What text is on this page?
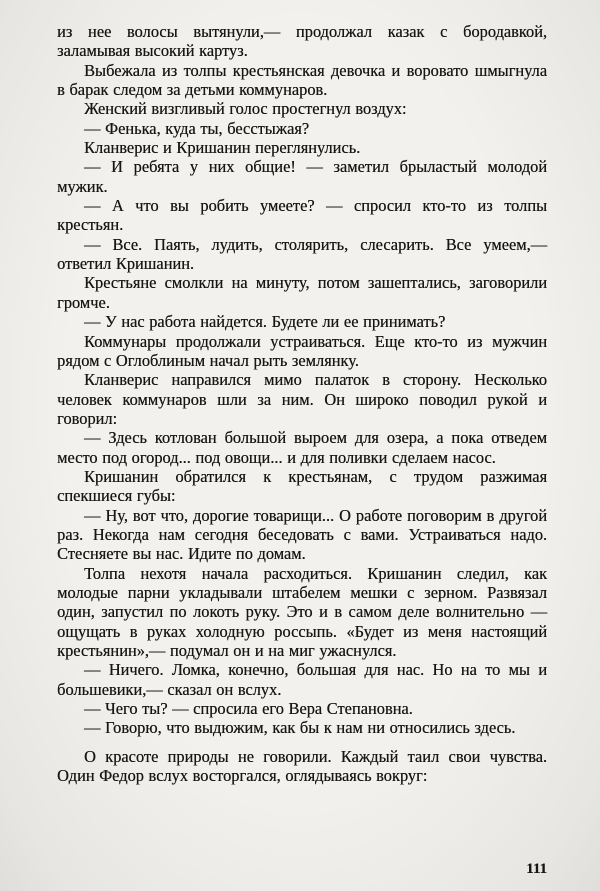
из нее волосы вытянули,— продолжал казак с бородавкой, заламывая высокий картуз.

Выбежала из толпы крестьянская девочка и воровато шмыгнула в барак следом за детьми коммунаров.

Женский визгливый голос простегнул воздух:

— Фенька, куда ты, бесстыжая?

Кланверис и Кришанин переглянулись.

— И ребята у них общие! — заметил брыластый молодой мужик.

— А что вы робить умеете? — спросил кто-то из толпы крестьян.

— Все. Паять, лудить, столярить, слесарить. Все умеем,— ответил Кришанин.

Крестьяне смолкли на минуту, потом зашептались, заговорили громче.

— У нас работа найдется. Будете ли ее принимать?

Коммунары продолжали устраиваться. Еще кто-то из мужчин рядом с Оглоблиным начал рыть землянку.

Кланверис направился мимо палаток в сторону. Несколько человек коммунаров шли за ним. Он широко поводил рукой и говорил:

— Здесь котлован большой выроем для озера, а пока отведем место под огород... под овощи... и для поливки сделаем насос.

Кришанин обратился к крестьянам, с трудом разжимая спекшиеся губы:

— Ну, вот что, дорогие товарищи... О работе поговорим в другой раз. Некогда нам сегодня беседовать с вами. Устраиваться надо. Стесняете вы нас. Идите по домам.

Толпа нехотя начала расходиться. Кришанин следил, как молодые парни укладывали штабелем мешки с зерном. Развязал один, запустил по локоть руку. Это и в самом деле волнительно — ощущать в руках холодную россыпь. «Будет из меня настоящий крестьянин»,— подумал он и на миг ужаснулся.

— Ничего. Ломка, конечно, большая для нас. Но на то мы и большевики,— сказал он вслух.

— Чего ты? — спросила его Вера Степановна.

— Говорю, что выдюжим, как бы к нам ни относились здесь.

О красоте природы не говорили. Каждый таил свои чувства. Один Федор вслух восторгался, оглядываясь вокруг:

111
